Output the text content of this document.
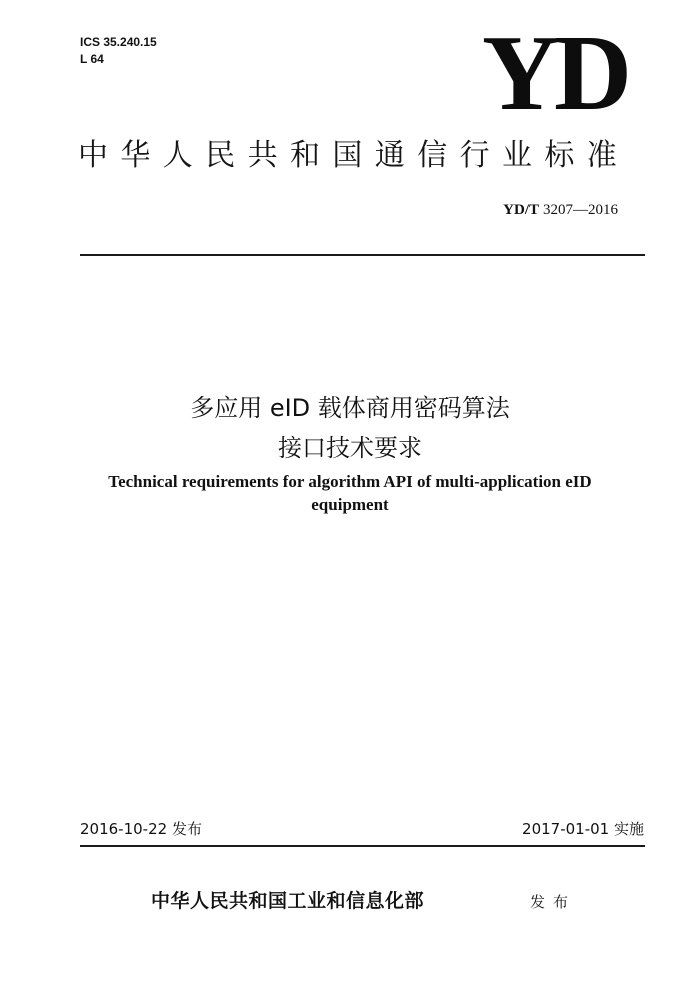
ICS 35.240.15
L 64	YD
中华人民共和国通信行业标准
YD/T 3207—2016
多应用 eID 载体商用密码算法
接口技术要求
Technical requirements for algorithm API of multi-application eID
equipment
2016-10-22 发布	2017-01-01 实施
中华人民共和国工业和信息化部	发布
